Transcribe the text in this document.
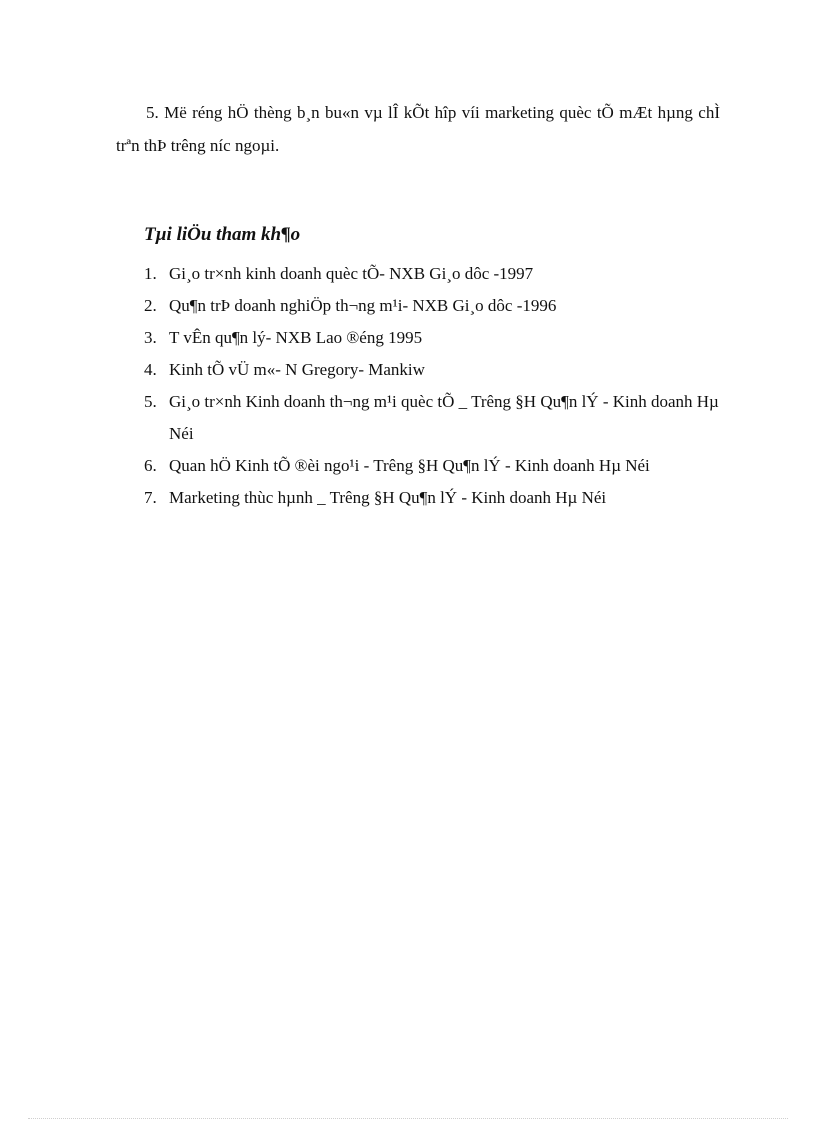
5. Më réng hÖ thèng b¸n bu«n vµ lÎ kÕt hîp víi marketing quèc tÕ mÆt hµng chÌ trªn thÞ trêng níc ngoµi.

Tµi liÖu tham kh¶o
1. Gi¸o tr×nh kinh doanh quèc tÕ- NXB Gi¸o dôc -1997
2. Qu¶n trÞ doanh nghiÖp th¬ng m¹i- NXB Gi¸o dôc -1996
3. T vÊn qu¶n lý- NXB Lao ®éng 1995
4. Kinh tÕ vÜ m«- N Gregory- Mankiw
5. Gi¸o tr×nh Kinh doanh th¬ng m¹i quèc tÕ _ Trêng §H Qu¶n lÝ - Kinh doanh Hµ Néi
6. Quan hÖ Kinh tÕ ®èi ngo¹i - Trêng §H Qu¶n lÝ - Kinh doanh Hµ Néi
7. Marketing thùc hµnh _ Trêng §H Qu¶n lÝ - Kinh doanh Hµ Néi
